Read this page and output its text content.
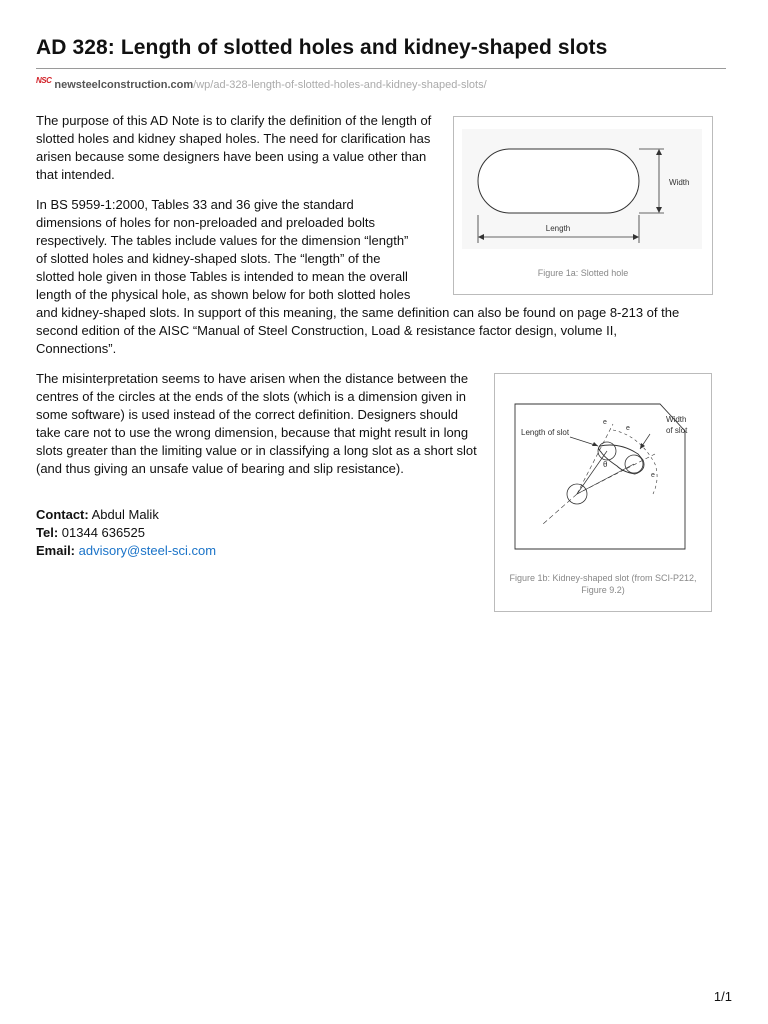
AD 328: Length of slotted holes and kidney-shaped slots
$^{NSC}$ newsteelconstruction.com/wp/ad-328-length-of-slotted-holes-and-kidney-shaped-slots/

The purpose of this AD Note is to clarify the definition of the length of slotted holes and kidney shaped holes. The need for clarification has arisen because some designers have been using a value other than that intended.

In BS 5959-1:2000, Tables 33 and 36 give the standard
dimensions of holes for non-preloaded and preloaded bolts
respectively. The tables include values for the dimension “length”
of slotted holes and kidney-shaped slots. The “length” of the
slotted hole given in those Tables is intended to mean the overall
length of the physical hole, as shown below for both slotted holes
and kidney-shaped slots. In support of this meaning, the same definition can also be found on page 8-213 of the
second edition of the AISC “Manual of Steel Construction, Load & resistance factor design, volume II,
Connections”.

The misinterpretation seems to have arisen when the distance between the centres of the circles at the ends of the slots (which is a dimension given in some software) is used instead of the correct definition. Designers should take care not to use the wrong dimension, because that might result in long slots greater than the limiting value or in classifying a long slot as a short slot (and thus giving an unsafe value of bearing and slip resistance).

Contact: Abdul Malik
Tel: 01344 636525
Email: advisory@steel-sci.com
Width
Length
Figure 1a: Slotted hole
Length of slot
Width
of slot
e
e
e
θ
Figure 1b: Kidney-shaped slot (from SCI-P212, Figure 9.2)
1/1
